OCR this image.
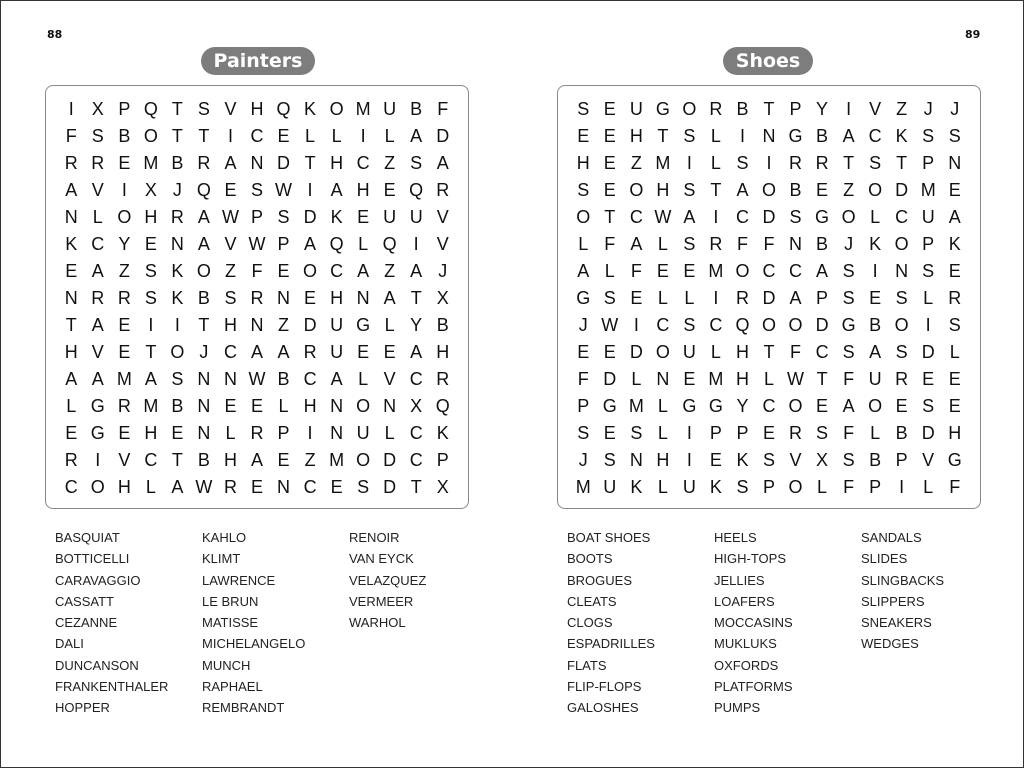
88	89
Painters	Shoes
I	X P Q T S V H Q K O M U B F
F S B O T T	I C E L L	I	L A D
R R E M B R A N D T H C Z S A
A V	I	X J Q E S W I	A H E Q R
N L O H R A W P S D K E U U V
K C Y E N A V W P A Q L Q I	V
E A Z S K O Z F E O C A Z A J
N R R S K B S R N E H N A T X
T A E	I	I	T H N Z D U G L Y B
H V E T O J C A A R U E E A H
A A M A S N N W B C A L V C R
L G R M B N E E L H N O N X Q
E G E H E N L R P	I N U L C K
R I	V C T B H A E Z M O D C P
C O H L A W R E N C E S D T X
S E U G O R B T P Y	I	V Z J J
E E H T S L	I N G B A C K S S
H E Z M I	L S	I R R T S T P N
S E O H S T A O B E Z O D M E
O T C W A	I C D S G O L C U A
L F A L S R F F N B J K O P K
A L F E E M O C C A S	I N S E
G S E L L	I R D A P S E S L R
J W I C S C Q O O D G B O I	S
E E D O U L H T F C S A S D L
F D L N E M H L W T F U R E E
P G M L G G Y C O E A O E S E
S E S L	I	P P E R S F L B D H
J S N H I	E K S V X S B P V G
M U K L U K S P O L F P	I	L F
BASQUIAT
BOTTICELLI
CARAVAGGIO
CASSATT
CEZANNE
DALI
DUNCANSON
FRANKENTHALER
HOPPER
KAHLO
KLIMT
LAWRENCE
LE BRUN
MATISSE
MICHELANGELO
MUNCH
RAPHAEL
REMBRANDT
RENOIR
VAN EYCK
VELAZQUEZ
VERMEER
WARHOL
BOAT SHOES
BOOTS
BROGUES
CLEATS
CLOGS
ESPADRILLES
FLATS
FLIP-FLOPS
GALOSHES
HEELS
HIGH-TOPS
JELLIES
LOAFERS
MOCCASINS
MUKLUKS
OXFORDS
PLATFORMS
PUMPS
SANDALS
SLIDES
SLINGBACKS
SLIPPERS
SNEAKERS
WEDGES
